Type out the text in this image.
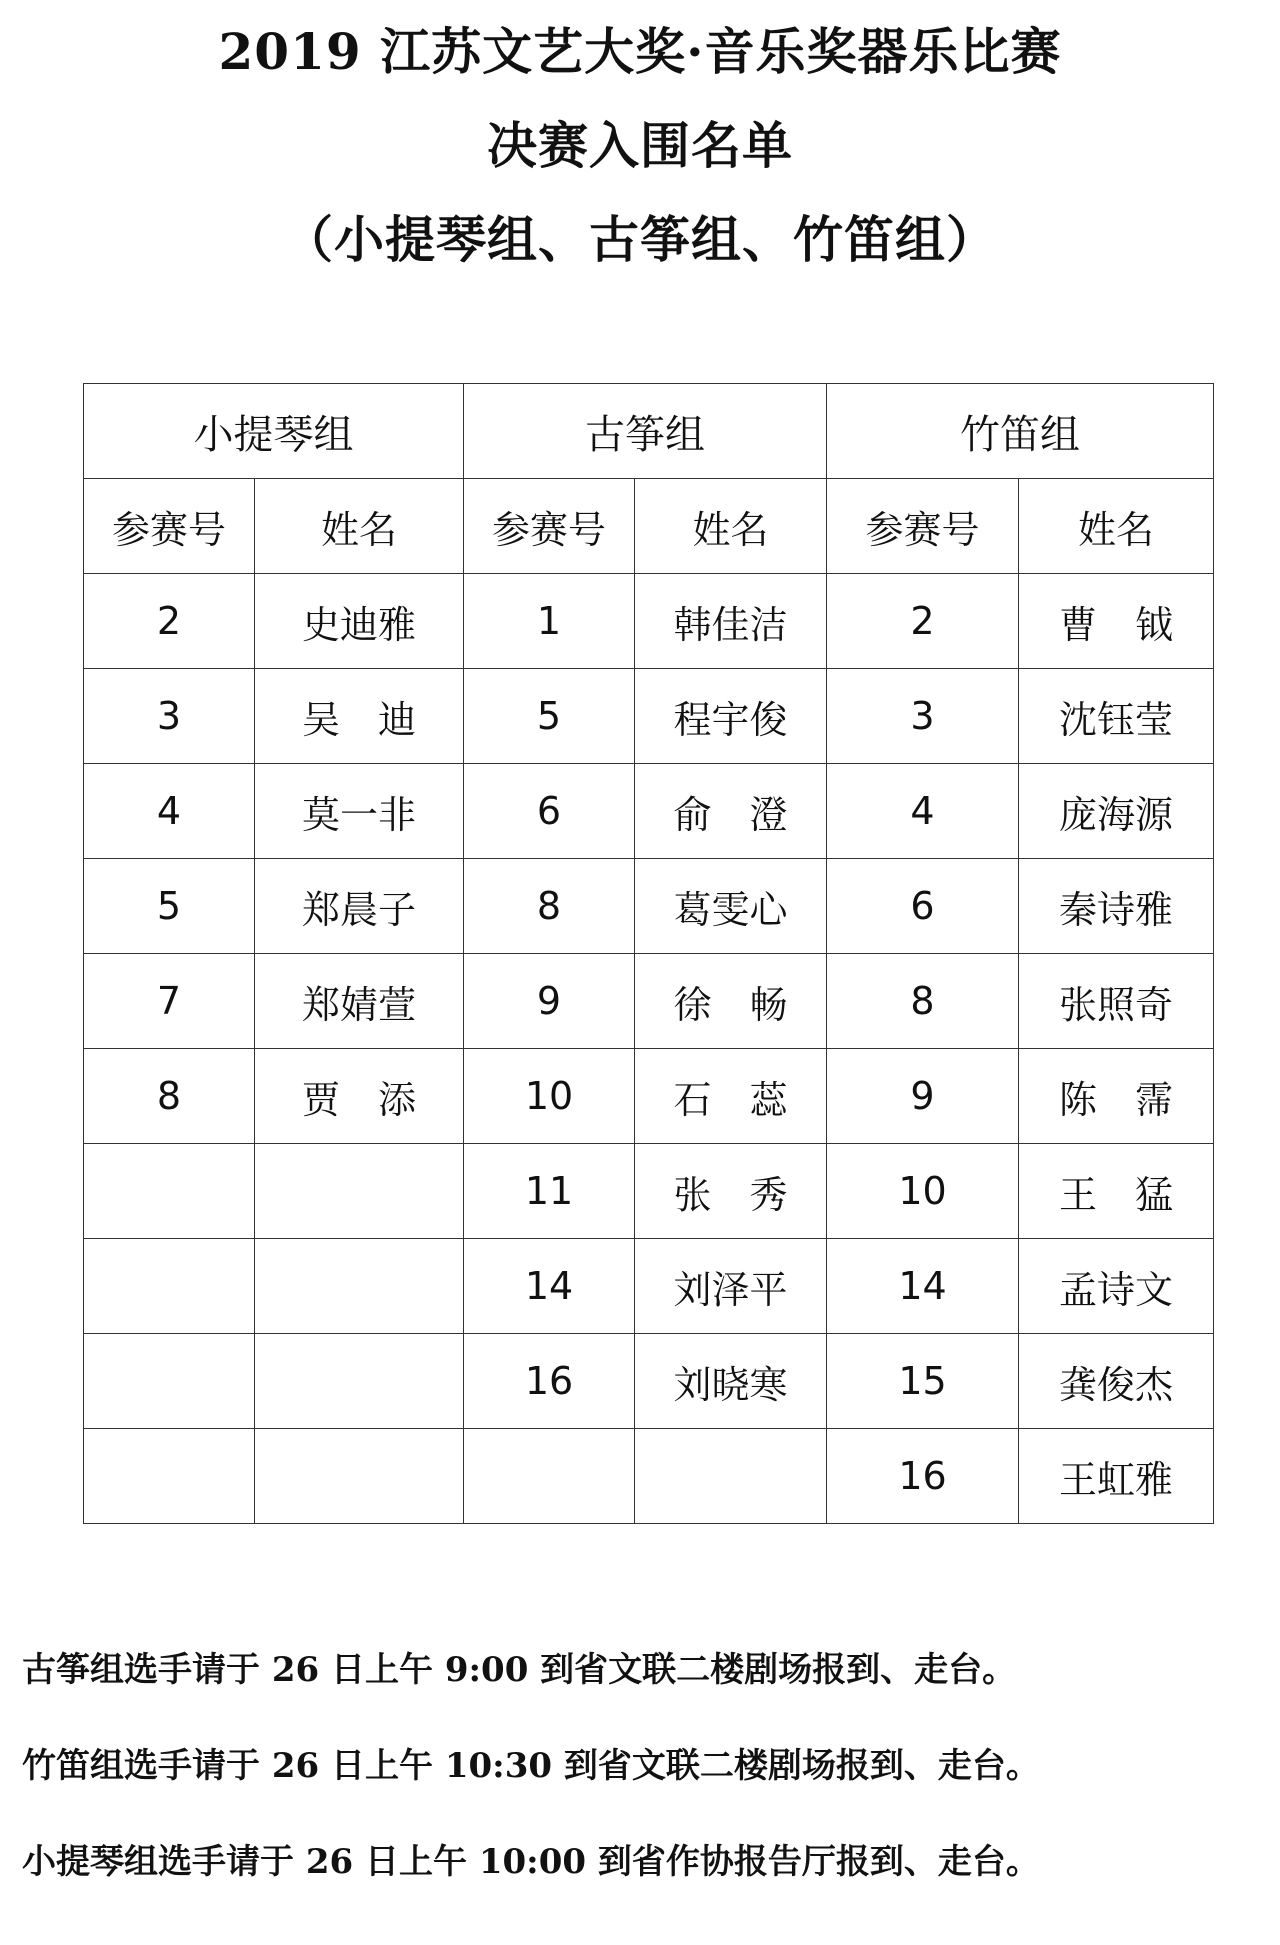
2019 江苏文艺大奖·音乐奖器乐比赛
决赛入围名单
（小提琴组、古筝组、竹笛组）
小提琴组		古筝组		竹笛组	
参赛号	姓名	参赛号	姓名	参赛号	姓名
2	史迪雅	1	韩佳洁	2	曹　钺
3	吴　迪	5	程宇俊	3	沈钰莹
4	莫一非	6	俞　澄	4	庞海源
5	郑晨子	8	葛雯心	6	秦诗雅
7	郑婧萱	9	徐　畅	8	张照奇
8	贾　添	10	石　蕊	9	陈　霈
		11	张　秀	10	王　猛
		14	刘泽平	14	孟诗文
		16	刘晓寒	15	龚俊杰
				16	王虹雅
古筝组选手请于 26 日上午 9:00 到省文联二楼剧场报到、走台。
竹笛组选手请于 26 日上午 10:30 到省文联二楼剧场报到、走台。
小提琴组选手请于 26 日上午 10:00 到省作协报告厅报到、走台。
